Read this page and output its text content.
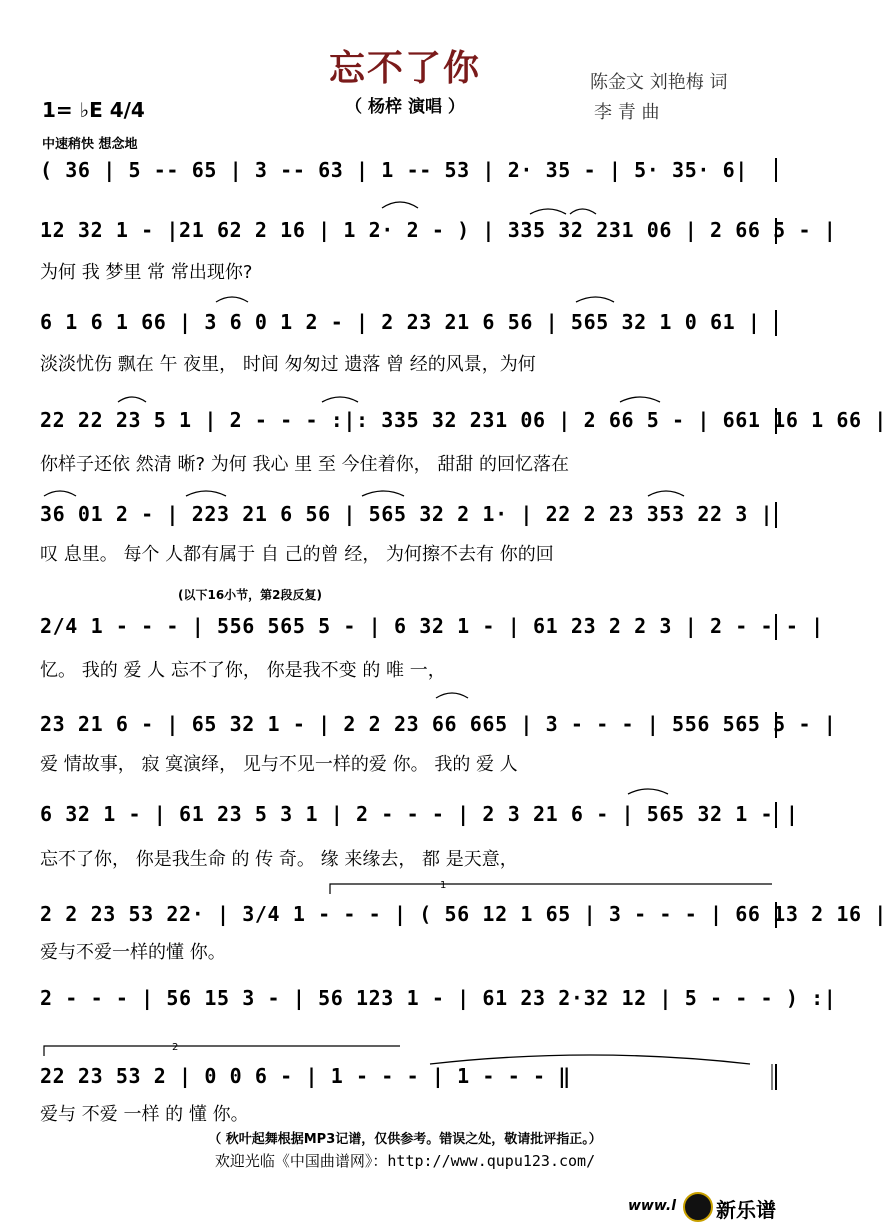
忘不了你
（ 杨梓 演唱 ）
陈金文 刘艳梅 词
李 青 曲
1= ♭E 4/4
中速稍快 想念地
( 36 | 5 -- 65 | 3 -- 63 | 1 -- 53 | 2· 35 - | 5· 35· 6|
12 32 1 - |21 62 2 16 | 1 2· 2 - ) | 335 32 231 06 | 2 66 5 - |
为何 我 梦里 常 常出现你?
6 1 6 1 66 | 3 6 0 1 2 - | 2 23 21 6 56 | 565 32 1 0 61 |
淡淡忧伤 飘在 午 夜里， 时间 匆匆过 遗落 曾 经的风景，为何
22 22 23 5 1 | 2 - - - :|: 335 32 231 06 | 2 66 5 - | 661 16 1 66 |
你样子还依 然清 晰? 为何 我心 里 至 今住着你， 甜甜 的回忆落在
36 01 2 - | 223 21 6 56 | 565 32 2 1· | 22 2 23 353 22 3 |
叹 息里。 每个 人都有属于 自 己的曾 经， 为何擦不去有 你的回
2/4 1 - - - | 556 565 5 - | 6 32 1 - | 61 23 2 2 3 | 2 - - - |
忆。 我的 爱 人 忘不了你， 你是我不变 的 唯 一，
23 21 6 - | 65 32 1 - | 2 2 23 66 665 | 3 - - - | 556 565 5 - |
爱 情故事， 寂 寞演绎， 见与不见一样的爱 你。 我的 爱 人
6 32 1 - | 61 23 5 3 1 | 2 - - - | 2 3 21 6 - | 565 32 1 - |
忘不了你， 你是我生命 的 传 奇。 缘 来缘去， 都 是天意，
2 2 23 53 22· | 3/4 1 - - - | ( 56 12 1 65 | 3 - - - | 66 13 2 16 |
爱与不爱一样的懂 你。
2 - - - | 56 15 3 - | 56 123 1 - | 61 23 2·32 12 | 5 - - - ) :|
22 23 53 2 | 0 0 6 - | 1 - - - | 1 - - - ‖
爱与 不爱 一样 的 懂 你。
1
2
(以下16小节，第2段反复)
（ 秋叶起舞根据MP3记谱，仅供参考。错误之处，敬请批评指正。）
欢迎光临《中国曲谱网》：http://www.qupu123.com/
www.l 新乐谱
